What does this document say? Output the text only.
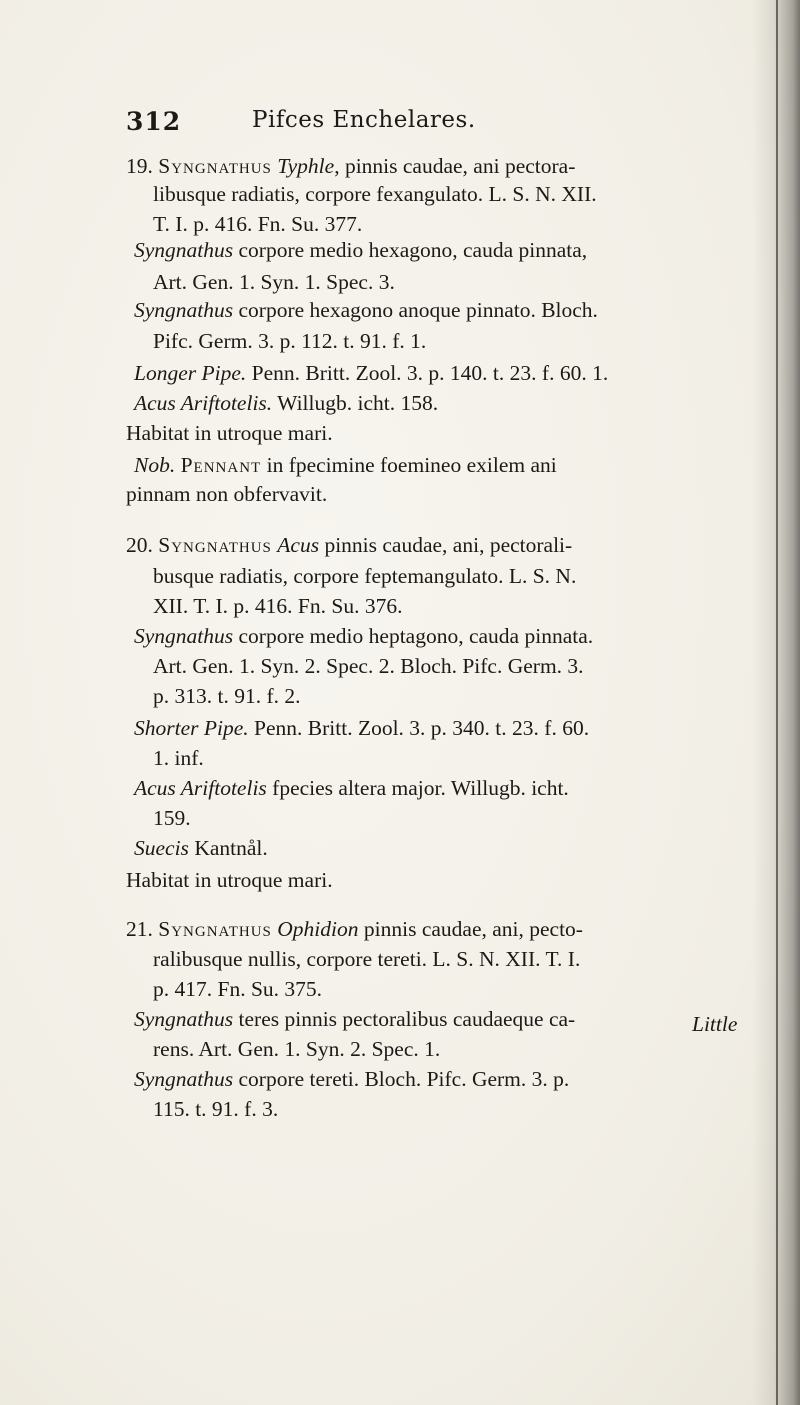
312	Pifces Enchelares.
19. Syngnathus Typhle, pinnis caudae, ani pectora-
libusque radiatis, corpore fexangulato. L. S. N. XII.
T. I. p. 416. Fn. Su. 377.
Syngnathus corpore medio hexagono, cauda pinnata,
Art. Gen. 1. Syn. 1. Spec. 3.
Syngnathus corpore hexagono anoque pinnato. Bloch.
Pifc. Germ. 3. p. 112. t. 91. f. 1.
Longer Pipe. Penn. Britt. Zool. 3. p. 140. t. 23. f. 60. 1.
Acus Ariftotelis. Willugb. icht. 158.
Habitat in utroque mari.
Nob. Pennant in fpecimine foemineo exilem ani
pinnam non obfervavit.
20. Syngnathus Acus pinnis caudae, ani, pectorali-
busque radiatis, corpore feptemangulato. L. S. N.
XII. T. I. p. 416. Fn. Su. 376.
Syngnathus corpore medio heptagono, cauda pinnata.
Art. Gen. 1. Syn. 2. Spec. 2. Bloch. Pifc. Germ. 3.
p. 313. t. 91. f. 2.
Shorter Pipe. Penn. Britt. Zool. 3. p. 340. t. 23. f. 60.
1. inf.
Acus Ariftotelis fpecies altera major. Willugb. icht.
159.
Suecis Kantnål.
Habitat in utroque mari.
21. Syngnathus Ophidion pinnis caudae, ani, pecto-
ralibusque nullis, corpore tereti. L. S. N. XII. T. I.
p. 417. Fn. Su. 375.
Syngnathus teres pinnis pectoralibus caudaeque ca-
rens. Art. Gen. 1. Syn. 2. Spec. 1.
Syngnathus corpore tereti. Bloch. Pifc. Germ. 3. p.
115. t. 91. f. 3.
Little
